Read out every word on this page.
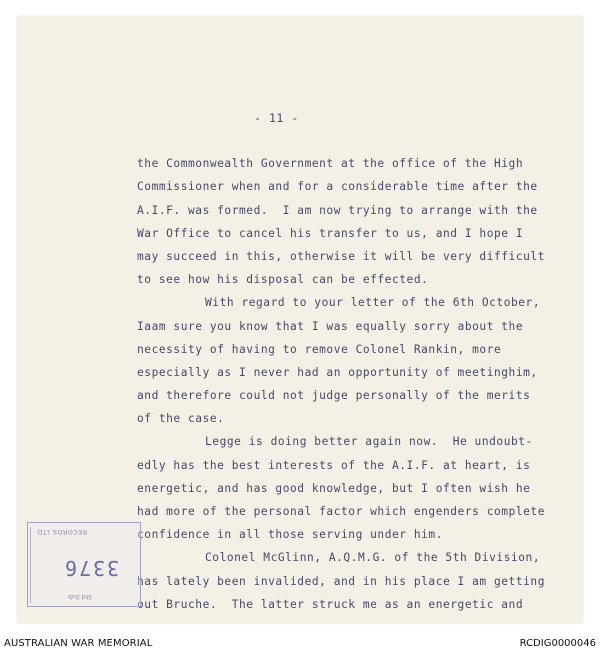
- 11 -
the Commonwealth Government at the office of the High
Commissioner when and for a considerable time after the
A.I.F. was formed.  I am now trying to arrange with the
War Office to cancel his transfer to us, and I hope I
may succeed in this, otherwise it will be very difficult
to see how his disposal can be effected.
With regard to your letter of the 6th October,
Iaam sure you know that I was equally sorry about the
necessity of having to remove Colonel Rankin, more
especially as I never had an opportunity of meetinghim,
and therefore could not judge personally of the merits
of the case.
Legge is doing better again now.  He undoubt-
edly has the best interests of the A.I.F. at heart, is
energetic, and has good knowledge, but I often wish he
had more of the personal factor which engenders complete
confidence in all those serving under him.
Colonel McGlinn, A.Q.M.G. of the 5th Division,
has lately been invalided, and in his place I am getting
out Bruche.  The latter struck me as an energetic and
RECORDS LTD
3376
Std Sub
AUSTRALIAN WAR MEMORIAL	RCDIG0000046
